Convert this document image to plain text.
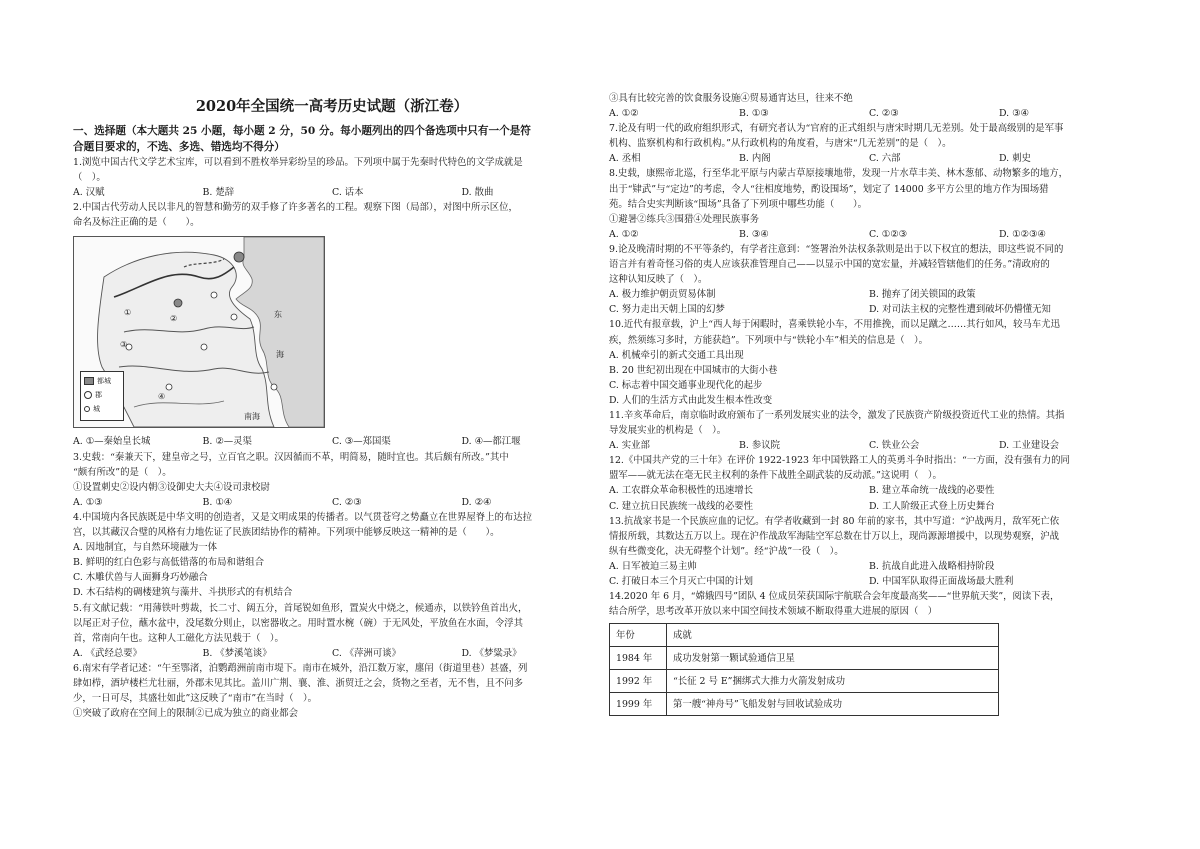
2020年全国统一高考历史试题（浙江卷）
一、选择题（本大题共 25 小题，每小题 2 分，50 分。每小题列出的四个备选项中只有一个是符
合题目要求的，不选、多选、错选均不得分）
1.浏览中国古代文学艺术宝库，可以看到不胜枚举异彩纷呈的珍品。下列项中属于先秦时代特色的文学成就是
（　）。
A. 汉赋	B. 楚辞	C. 话本	D. 散曲
2.中国古代劳动人民以非凡的智慧和勤劳的双手修了许多著名的工程。观察下图（局部），对图中所示区位，
命名及标注正确的是（　　）。
①
②
③
④
东
海
南海
都城
郡
城
A. ①—秦始皇长城	B. ②—灵渠	C. ③—郑国渠	D. ④—都江堰
3.史载：“秦兼天下，建皇帝之号，立百官之职。汉因循而不革，明简易，随时宜也。其后颇有所改。”其中
“颇有所改”的是（　）。
①设置刺史②设内朝③设御史大夫④设司隶校尉
A. ①③	B. ①④	C. ②③	D. ②④
4.中国境内各民族既是中华文明的创造者，又是文明成果的传播者。以气贯苍穹之势矗立在世界屋脊上的布达拉
宫，以其藏汉合璧的风格有力地佐证了民族团结协作的精神。下列项中能够反映这一精神的是（　　）。
A. 因地制宜，与自然环境融为一体
B. 鲜明的红白色彩与高低错落的布局和谐组合
C. 木雕伏兽与人面狮身巧妙融合
D. 木石结构的碉楼建筑与藻井、斗拱形式的有机结合
5.有文献记载：“用薄铁叶剪裁，长二寸、阔五分，首尾锐如鱼形，置炭火中烧之，候通赤，以铁钤鱼首出火，
以尾正对子位，蘸水盆中，没尾数分则止，以密器收之。用时置水椀（碗）于无风处，平放鱼在水面，令浮其
首，常南向午也。这种人工磁化方法见载于（　）。
A. 《武经总要》	B. 《梦溪笔谈》	C. 《萍洲可谈》	D. 《梦粱录》
6.南宋有学者记述：“午至鄂渚，泊鹦鹉洲前南市堤下。南市在城外，沿江数万家，廛闬（街道里巷）甚盛，列
肆如栉，酒垆楼栏尤壮丽，外郡未见其比。盖川广荆、襄、淮、浙贸迁之会，货物之至者，无不售，且不问多
少，一日可尽，其盛壮如此”这反映了“南市”在当时（　）。
①突破了政府在空间上的限制②已成为独立的商业都会
③具有比较完善的饮食服务设施④贸易通宵达旦，往来不绝
A. ①②	B. ①③	C. ②③	D. ③④
7.论及有明一代的政府组织形式，有研究者认为“官府的正式组织与唐宋时期几无差别。处于最高级别的是军事
机构、监察机构和行政机构。”从行政机构的角度看，与唐宋“几无差别”的是（　）。
A. 丞相	B. 内阁	C. 六部	D. 刺史
8.史载，康熙帝北巡，行至华北平原与内蒙古草原接壤地带，发现一片水草丰美、林木葱郁、动物繁多的地方，
出于“肄武”与“定边”的考虑，令人“往相度地势，酌设围场”，划定了 14000 多平方公里的地方作为围场猎
苑。结合史实判断该“围场”具备了下列项中哪些功能（　　）。
①避暑②练兵③围猎④处理民族事务
A. ①②	B. ③④	C. ①②③	D. ①②③④
9.论及晚清时期的不平等条约，有学者注意到：“签署治外法权条款则是出于以下权宜的想法，即这些说不同的
语言并有着奇怪习俗的夷人应该获准管理自己——以显示中国的宽宏量，并减轻管辖他们的任务。”清政府的
这种认知反映了（　）。
A. 极力维护朝贡贸易体制	B. 抛弃了闭关锁国的政策
C. 努力走出天朝上国的幻梦	D. 对司法主权的完整性遭到破坏仍懵懂无知
10.近代有报章载，沪上“西人每于闲暇时，喜乘铁轮小车，不用推挽，而以足蹴之……其行如风，较马车尤迅
疾，然须练习多时，方能获趋”。下列项中与“铁轮小车”相关的信息是（　）。
A. 机械牵引的新式交通工具出现
B. 20 世纪初出现在中国城市的大街小巷
C. 标志着中国交通事业现代化的起步
D. 人们的生活方式由此发生根本性改变
11.辛亥革命后，南京临时政府颁布了一系列发展实业的法令，激发了民族资产阶级投资近代工业的热情。其指
导发展实业的机构是（　）。
A. 实业部	B. 参议院	C. 铁业公会	D. 工业建设会
12.《中国共产党的三十年》在评价 1922-1923 年中国铁路工人的英勇斗争时指出：“一方面，没有强有力的同
盟军——就无法在毫无民主权利的条件下战胜全副武装的反动派。”这说明（　）。
A. 工农群众革命积极性的迅速增长	B. 建立革命统一战线的必要性
C. 建立抗日民族统一战线的必要性	D. 工人阶级正式登上历史舞台
13.抗战家书是一个民族应血的记忆。有学者收藏到一封 80 年前的家书，其中写道：“沪战两月，敌军死亡依
情报所载，其数达五万以上。现在沪作战敌军海陆空军总数在廿万以上，现尚源源增援中，以现势观察，沪战
纵有些微变化，决无碍整个计划”。经“沪战”一役（　）。
A. 日军被迫三易主帅	B. 抗战自此进入战略相持阶段
C. 打破日本三个月灭亡中国的计划	D. 中国军队取得正面战场最大胜利
14.2020 年 6 月，“嫦娥四号”团队 4 位成员荣获国际宇航联合会年度最高奖——“世界航天奖”，阅读下表，
结合所学，思考改革开放以来中国空间技术领域不断取得重大进展的原因（　）
年份	成就
1984 年	成功发射第一颗试验通信卫星
1992 年	“长征 2 号 E”捆绑式大推力火箭发射成功
1999 年	第一艘“神舟号”飞船发射与回收试验成功
